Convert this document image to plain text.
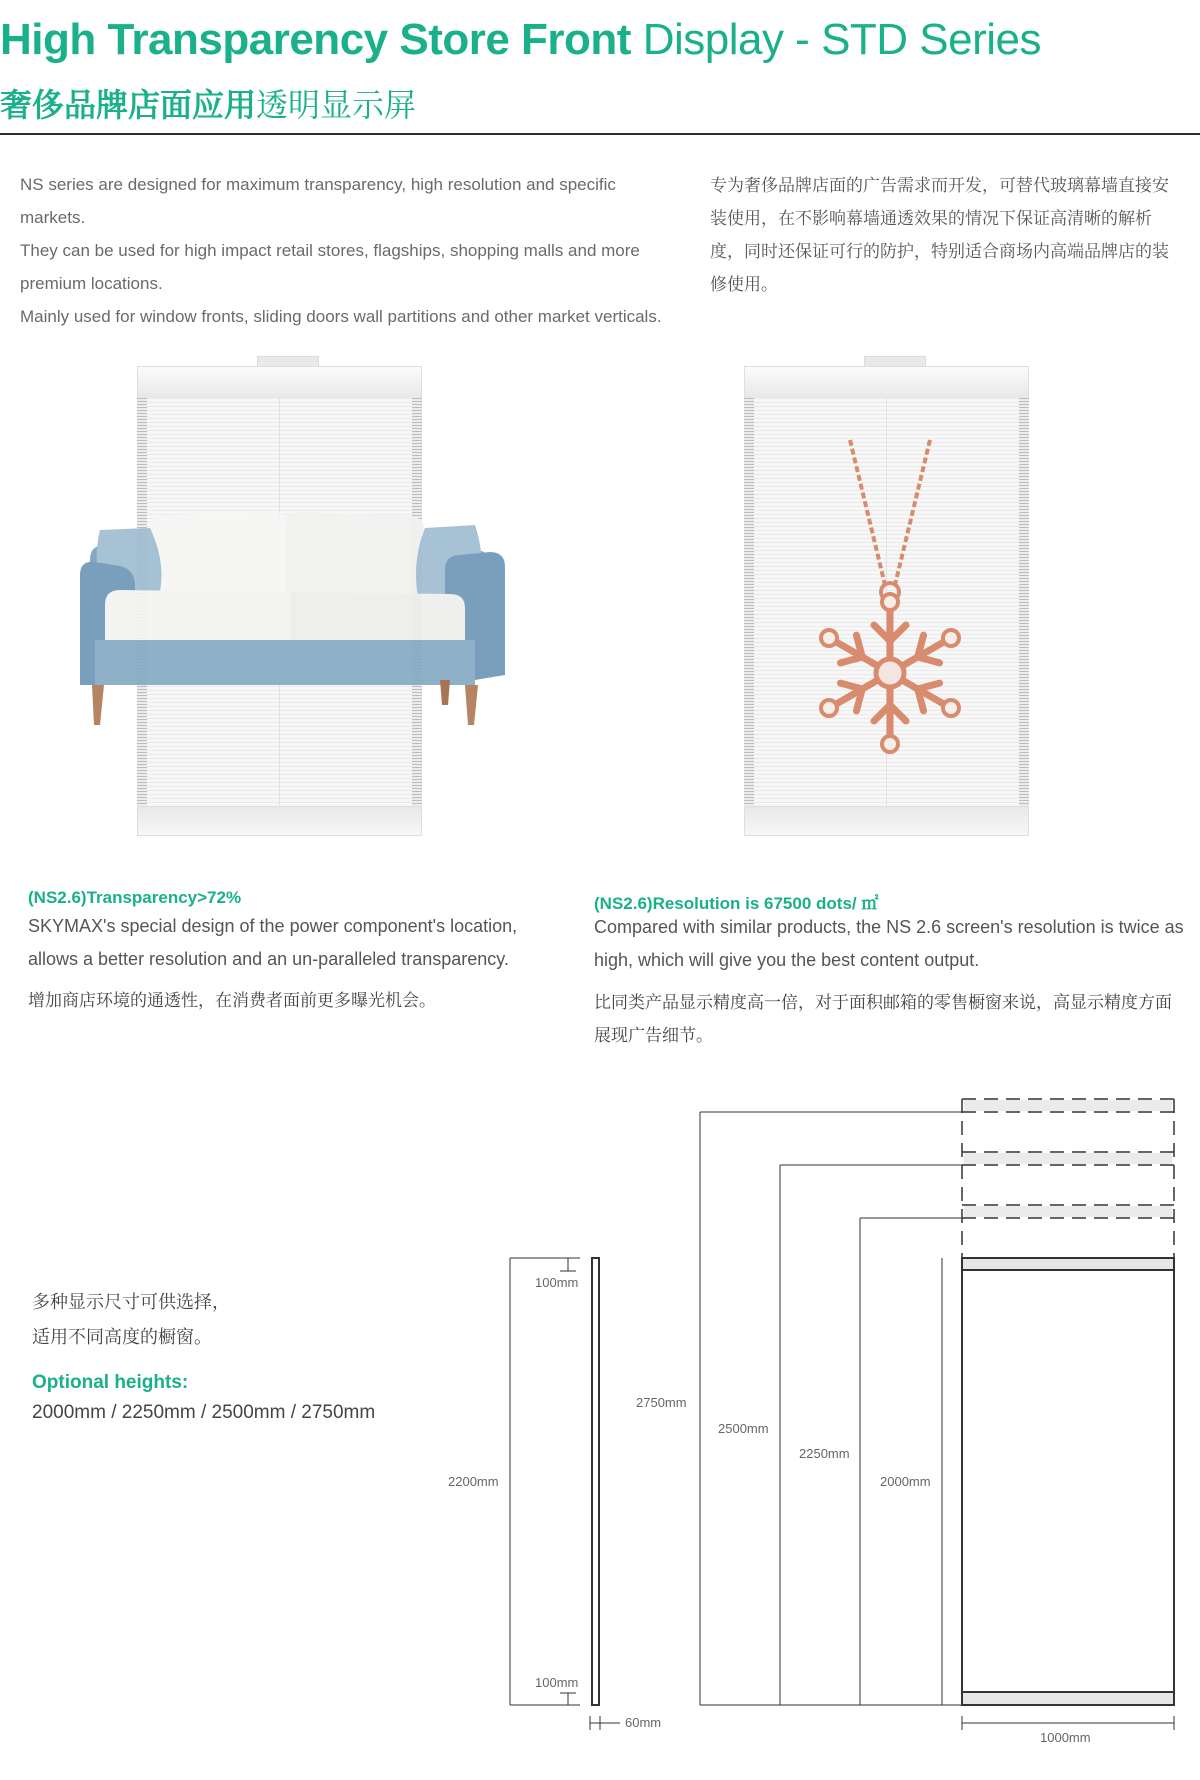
High Transparency Store Front Display - STD Series
奢侈品牌店面应用透明显示屏

NS series are designed for maximum transparency, high resolution and specific markets.

They can be used for high impact retail stores, flagships, shopping malls and more premium locations.

Mainly used for window fronts, sliding doors wall partitions and other market verticals.

专为奢侈品牌店面的广告需求而开发，可替代玻璃幕墙直接安装使用，在不影响幕墙通透效果的情况下保证高清晰的解析度，同时还保证可行的防护，特别适合商场内高端品牌店的装修使用。
(NS2.6)Transparency>72%
SKYMAX's special design of the power component's location, allows a better resolution and an un-paralleled transparency.
增加商店环境的通透性，在消费者面前更多曝光机会。
(NS2.6)Resolution is 67500 dots/ ㎡
Compared with similar products, the NS 2.6 screen's resolution is twice as high, which will give you the best content output.
比同类产品显示精度高一倍，对于面积邮箱的零售橱窗来说，高显示精度方面展现广告细节。
多种显示尺寸可供选择，
适用不同高度的橱窗。
Optional heights:
2000mm / 2250mm / 2500mm / 2750mm
100mm
100mm
2200mm
60mm
2750mm
2500mm
2250mm
2000mm
1000mm
